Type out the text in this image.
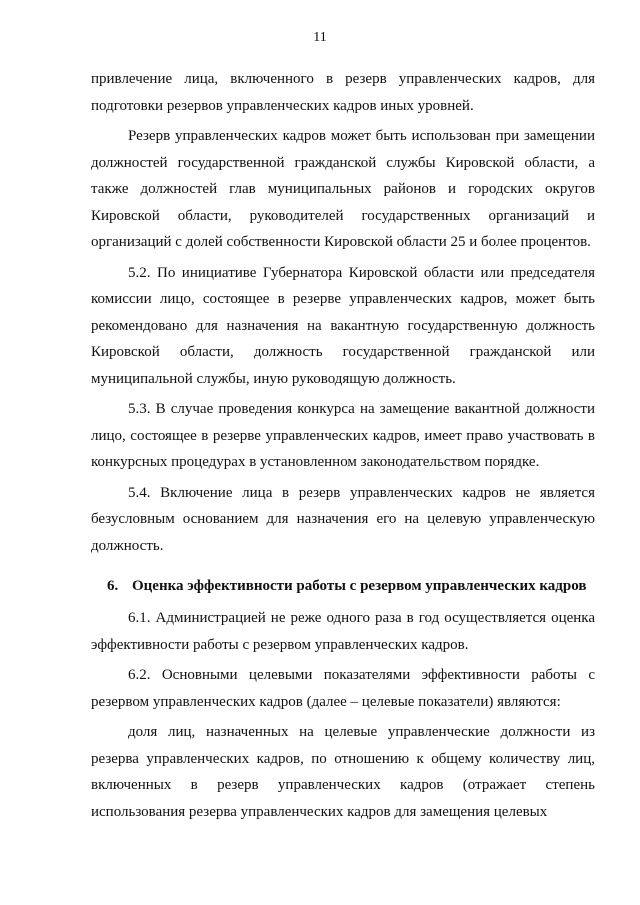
11

привлечение лица, включенного в резерв управленческих кадров, для подготовки резервов управленческих кадров иных уровней.

Резерв управленческих кадров может быть использован при замещении должностей государственной гражданской службы Кировской области, а также должностей глав муниципальных районов и городских округов Кировской области, руководителей государственных организаций и организаций с долей собственности Кировской области 25 и более процентов.

5.2. По инициативе Губернатора Кировской области или председателя комиссии лицо, состоящее в резерве управленческих кадров, может быть рекомендовано для назначения на вакантную государственную должность Кировской области, должность государственной гражданской или муниципальной службы, иную руководящую должность.

5.3. В случае проведения конкурса на замещение вакантной должности лицо, состоящее в резерве управленческих кадров, имеет право участвовать в конкурсных процедурах в установленном законодательством порядке.

5.4. Включение лица в резерв управленческих кадров не является безусловным основанием для назначения его на целевую управленческую должность.

6. Оценка эффективности работы с резервом управленческих кадров

6.1. Администрацией не реже одного раза в год осуществляется оценка эффективности работы с резервом управленческих кадров.

6.2. Основными целевыми показателями эффективности работы с резервом управленческих кадров (далее – целевые показатели) являются:

доля лиц, назначенных на целевые управленческие должности из резерва управленческих кадров, по отношению к общему количеству лиц, включенных в резерв управленческих кадров (отражает степень использования резерва управленческих кадров для замещения целевых
